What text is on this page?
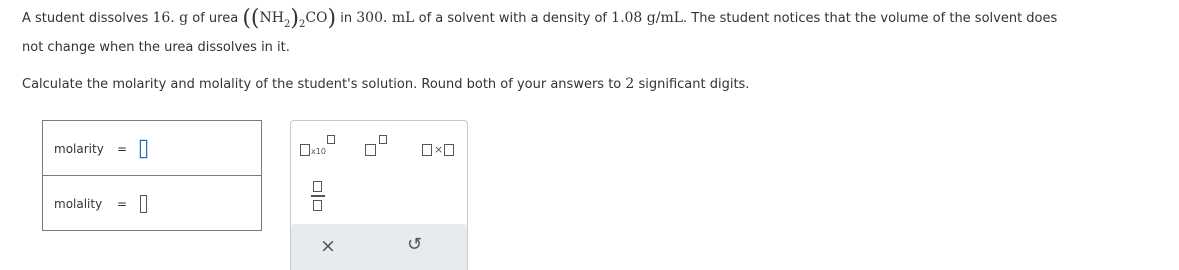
A student dissolves 16. g of urea $((NH_2)_2CO)$ in 300. mL of a solvent with a density of 1.08 g/mL. The student notices that the volume of the solvent does
not change when the urea dissolves in it.
Calculate the molarity and molality of the student's solution. Round both of your answers to 2 significant digits.
molarity =
molality =
x10	×
×	↺
